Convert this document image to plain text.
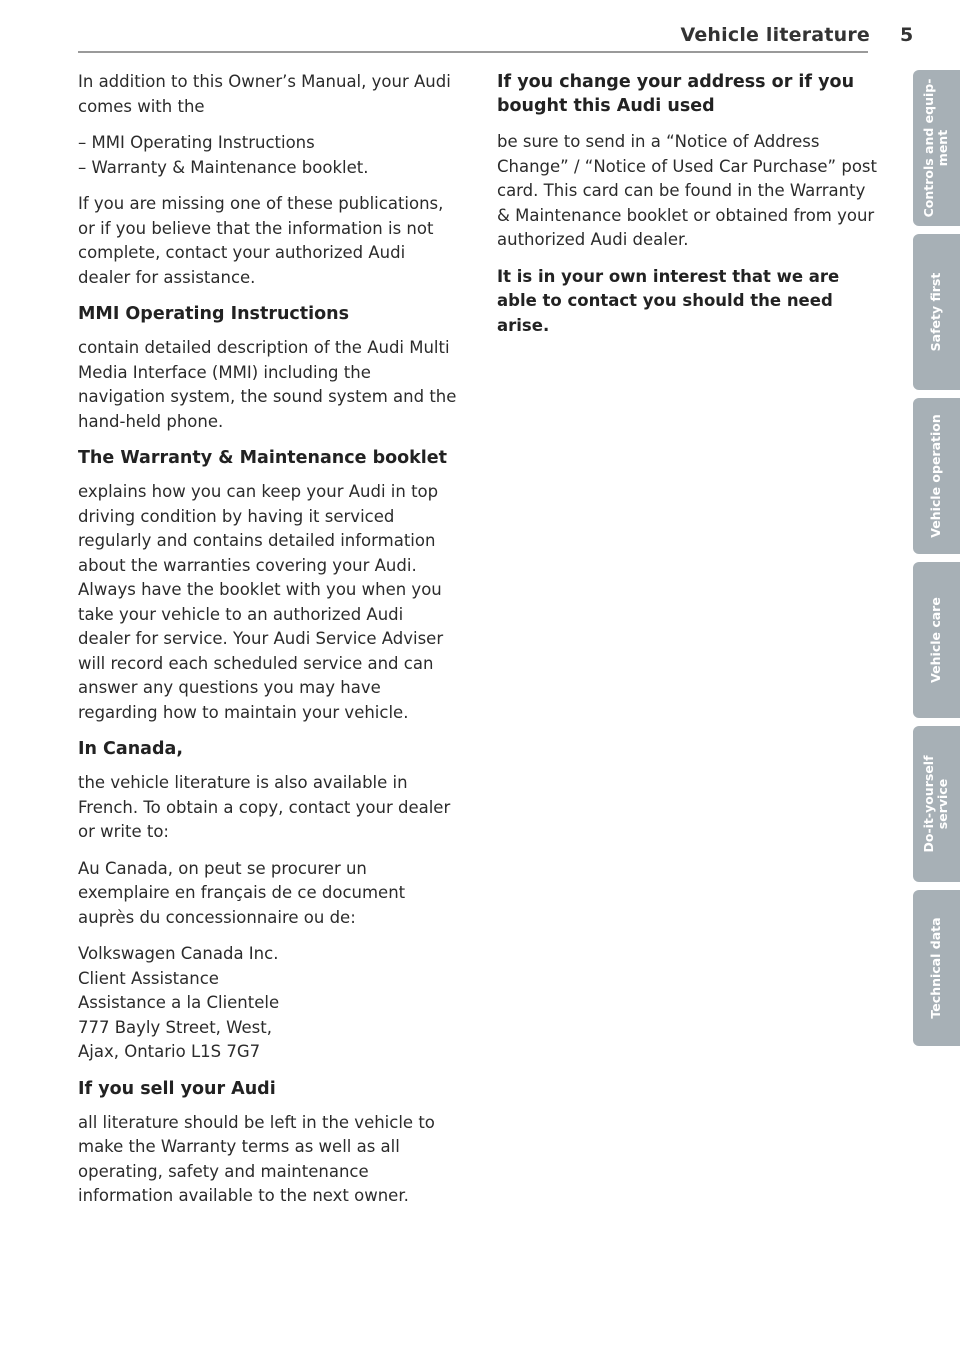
Vehicle literature 5

In addition to this Owner’s Manual, your Audi comes with the

– MMI Operating Instructions
– Warranty & Maintenance booklet.

If you are missing one of these publications, or if you believe that the information is not complete, contact your authorized Audi dealer for assistance.

MMI Operating Instructions

contain detailed description of the Audi Multi Media Interface (MMI) including the navigation system, the sound system and the hand-held phone.

The Warranty & Maintenance booklet

explains how you can keep your Audi in top driving condition by having it serviced regularly and contains detailed information about the warranties covering your Audi. Always have the booklet with you when you take your vehicle to an authorized Audi dealer for service. Your Audi Service Adviser will record each scheduled service and can answer any questions you may have regarding how to maintain your vehicle.

In Canada,

the vehicle literature is also available in French. To obtain a copy, contact your dealer or write to:

Au Canada, on peut se procurer un exemplaire en français de ce document auprès du concessionnaire ou de:

Volkswagen Canada Inc.
Client Assistance
Assistance a la Clientele
777 Bayly Street, West,
Ajax, Ontario L1S 7G7
If you sell your Audi

all literature should be left in the vehicle to make the Warranty terms as well as all operating, safety and maintenance information available to the next owner.

If you change your address or if you bought this Audi used

be sure to send in a “Notice of Address Change” / “Notice of Used Car Purchase” post card. This card can be found in the Warranty & Maintenance booklet or obtained from your authorized Audi dealer.

It is in your own interest that we are able to contact you should the need arise.

Controls and equip-
ment
Safety first
Vehicle operation
Vehicle care
Do-it-yourself
service
Technical data
